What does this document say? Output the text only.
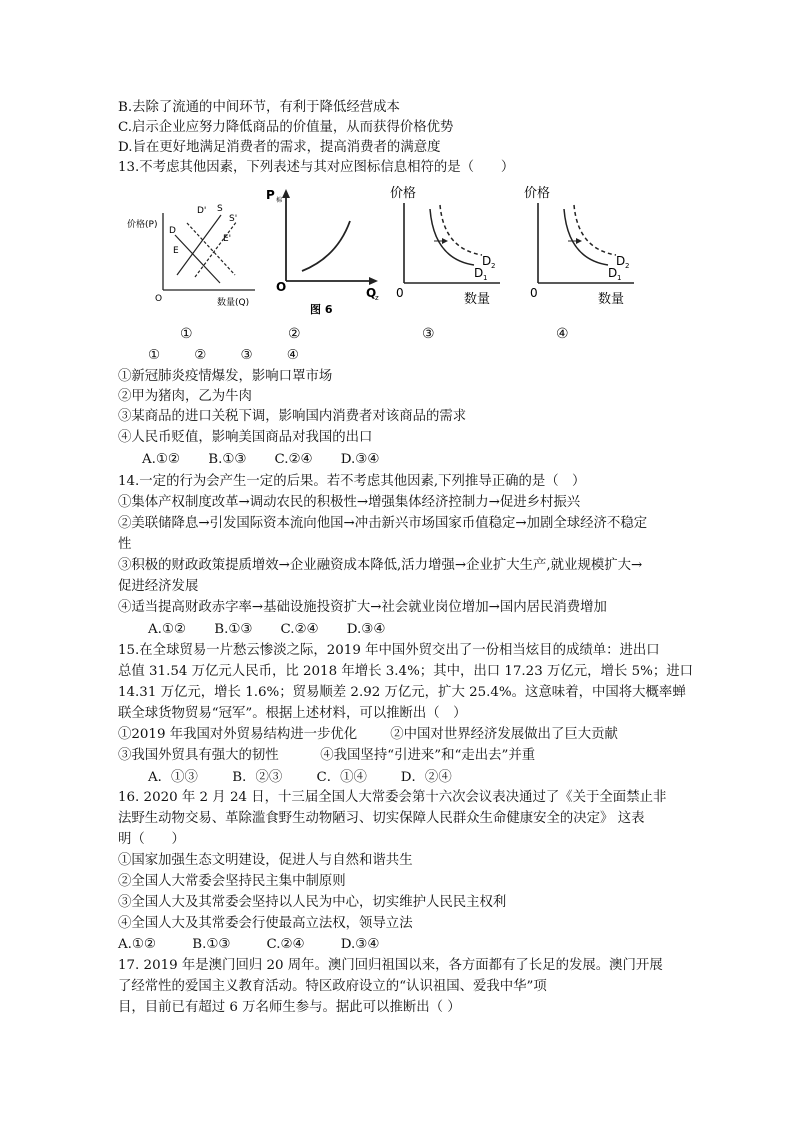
B.去除了流通的中间环节，有利于降低经营成本
C.启示企业应努力降低商品的价值量，从而获得价格优势
D.旨在更好地满足消费者的需求，提高消费者的满意度
13.不考虑其他因素，下列表述与其对应图标信息相符的是（　　）
价格(P)
O	数量(Q)
D
D' S
S'
E
E'
P 棉
O	Q
z
图 6
价格
0	数量
D 1
D 2
价格
0	数量
D 1
D 2
①	②	③	④
①	②	③	④
①新冠肺炎疫情爆发，影响口罩市场
②甲为猪肉，乙为牛肉
③某商品的进口关税下调，影响国内消费者对该商品的需求
④人民币贬值，影响美国商品对我国的出口
A.①② B.①③ C.②④ D.③④
14.一定的行为会产生一定的后果。若不考虑其他因素,下列推导正确的是（　）
①集体产权制度改革→调动农民的积极性→增强集体经济控制力→促进乡村振兴
②美联储降息→引发国际资本流向他国→冲击新兴市场国家币值稳定→加剧全球经济不稳定
性
③积极的财政政策提质增效→企业融资成本降低,活力增强→企业扩大生产,就业规模扩大→
促进经济发展
④适当提高财政赤字率→基础设施投资扩大→社会就业岗位增加→国内居民消费增加
A.①② B.①③ C.②④ D.③④
15.在全球贸易一片愁云惨淡之际，2019 年中国外贸交出了一份相当炫目的成绩单：进出口
总值 31.54 万亿元人民币，比 2018 年增长 3.4%；其中，出口 17.23 万亿元，增长 5%；进口
14.31 万亿元，增长 1.6%；贸易顺差 2.92 万亿元，扩大 25.4%。这意味着，中国将大概率蝉
联全球货物贸易“冠军”。根据上述材料，可以推断出（　）
①2019 年我国对外贸易结构进一步优化 ②中国对世界经济发展做出了巨大贡献
③我国外贸具有强大的韧性	④我国坚持“引进来”和“走出去”并重
A．①③	B．②③	C．①④	D．②④
16. 2020 年 2 月 24 日，十三届全国人大常委会第十六次会议表决通过了《关于全面禁止非
法野生动物交易、革除滥食野生动物陋习、切实保障人民群众生命健康安全的决定》 这表
明（　　）
①国家加强生态文明建设，促进人与自然和谐共生
②全国人大常委会坚持民主集中制原则
③全国人大及其常委会坚持以人民为中心，切实维护人民民主权利
④全国人大及其常委会行使最高立法权，领导立法
A.①②	B.①③	C.②④	D.③④
17. 2019 年是澳门回归 20 周年。澳门回归祖国以来，各方面都有了长足的发展。澳门开展
了经常性的爱国主义教育活动。特区政府设立的“认识祖国、爱我中华”项
目，目前已有超过 6 万名师生参与。据此可以推断出（ ）
